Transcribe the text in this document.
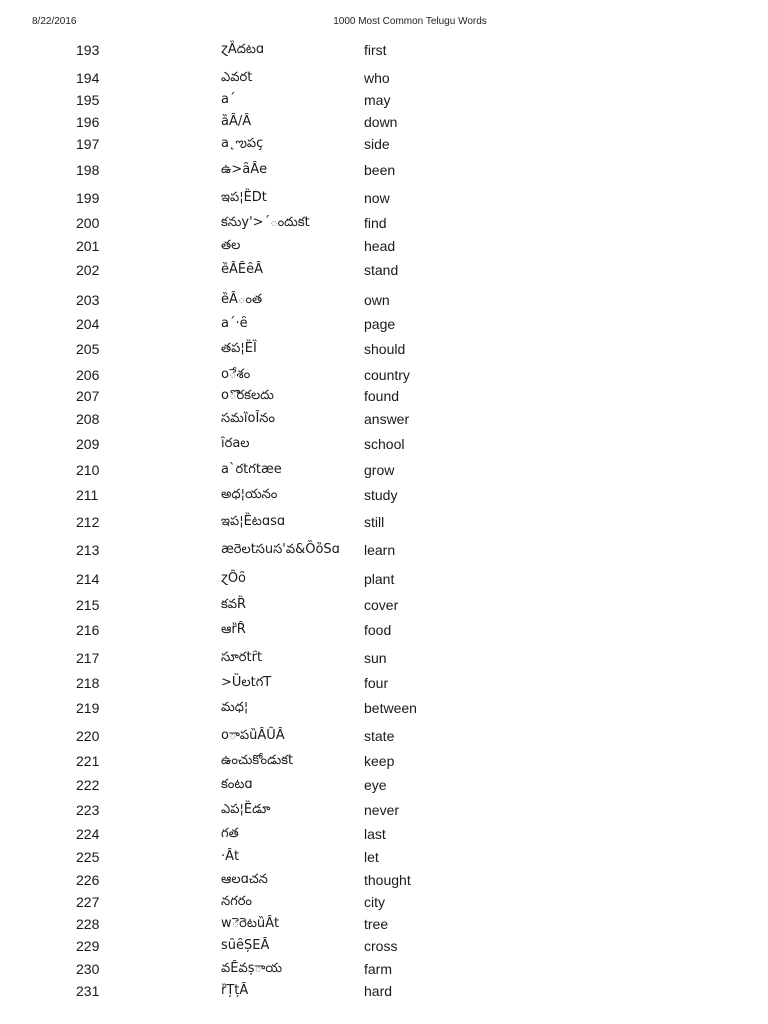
8/22/2016	1000 Most Common Telugu Words
193	ɀȀదటɑ	first
194	ఎవరt	who
195	a´	may
196	ȁȂ/Ȃ	down
197	a˛ఌపç	side
198	ఉ>ȃȂe	been
199	ఇప¦ȄDt	now
200	కనుy'>´ందుకt	find
201	తల	head
202	ȅȂȆȇȂ	stand
203	ȅȂంత	own
204	a´·ȇ	page
205	తప¦ȄȈ	should
206	oేశం	country
207	oొరకలదు	found
208	సమȉoȊనం	answer
209	ȋరaల	school
210	a`రtగtæe	grow
211	అధ¦యనం	study
212	ఇప¦Ȅటɑsɑ	still
213	æరెలtసuస'వ&ȌȍSɑ	learn
214	ɀȎȏ	plant
215	కవȐ	cover
216	ఆȑȒ	food
217	సూరtȓt	sun
218	>ȔలtగT	four
219	మధ¦	between
220	oాపȕȂȖȂ	state
221	ఉంచుకోండుకt	keep
222	కంటɑ	eye
223	ఎప¦Ȅడూ	never
224	గత	last
225	·Ȃt	let
226	ఆలɑచన	thought
227	నగరం	city
228	wెరెటȕȂt	tree
229	sȗȇȘEȂ	cross
230	వȆవșాయ	farm
231	ȑȚțȂ	hard
